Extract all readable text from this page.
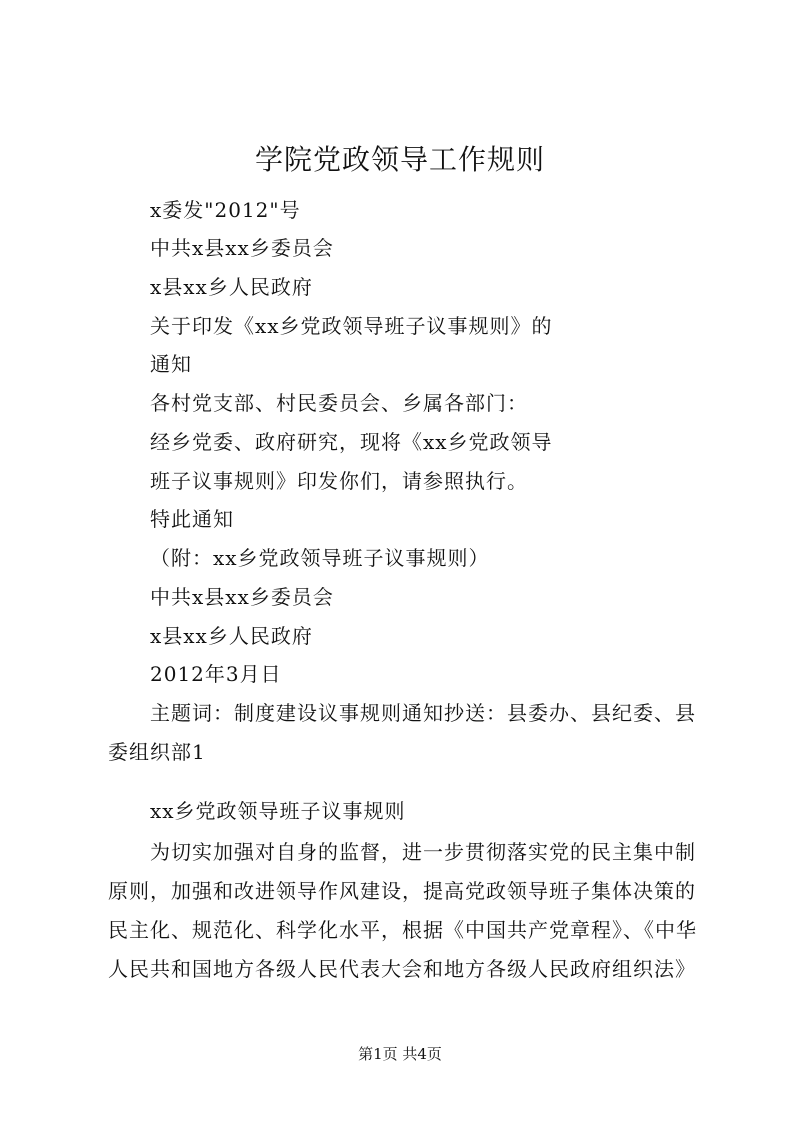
学院党政领导工作规则
x委发"2012"号
中共x县xx乡委员会
x县xx乡人民政府
关于印发《xx乡党政领导班子议事规则》的
通知
各村党支部、村民委员会、乡属各部门：
经乡党委、政府研究，现将《xx乡党政领导
班子议事规则》印发你们，请参照执行。
特此通知
（附：xx乡党政领导班子议事规则）
中共x县xx乡委员会
x县xx乡人民政府
2012年3月日
主题词：制度建设议事规则通知抄送：县委办、县纪委、县
委组织部1
xx乡党政领导班子议事规则
为切实加强对自身的监督，进一步贯彻落实党的民主集中制
原则，加强和改进领导作风建设，提高党政领导班子集体决策的
民主化、规范化、科学化水平，根据《中国共产党章程》、《中华
人民共和国地方各级人民代表大会和地方各级人民政府组织法》
第1页 共4页
